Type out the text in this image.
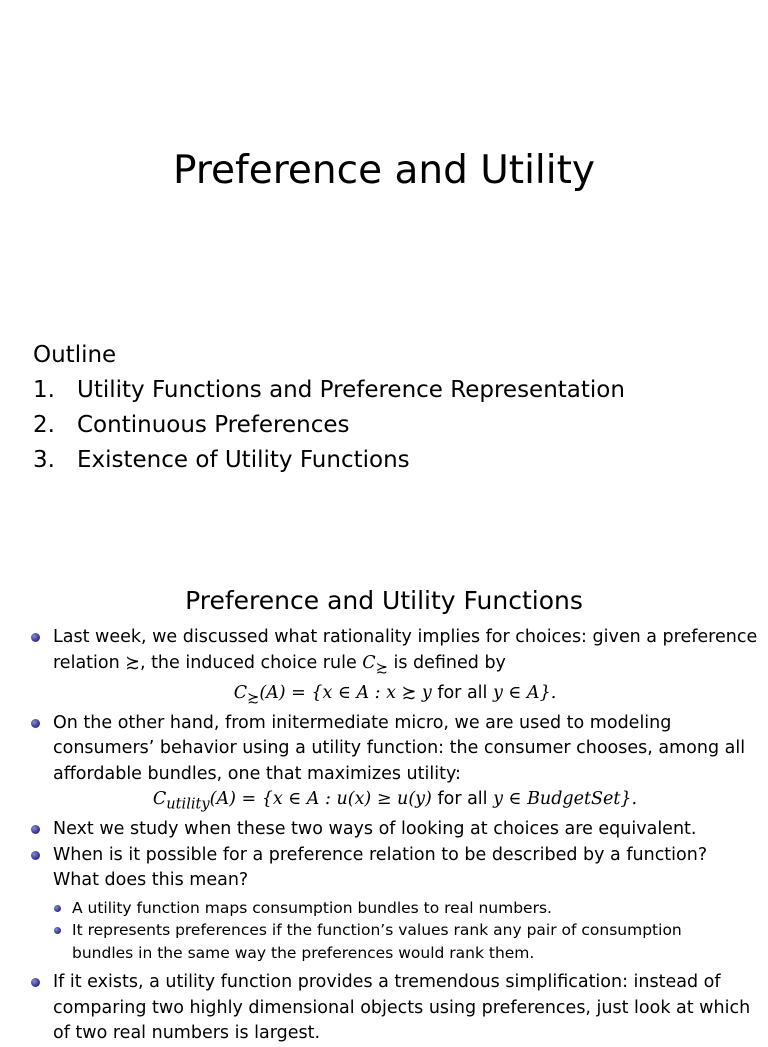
Preference and Utility
Outline
1. Utility Functions and Preference Representation
2. Continuous Preferences
3. Existence of Utility Functions
Preference and Utility Functions
Last week, we discussed what rationality implies for choices: given a preference
relation ≿, the induced choice rule $C_≿$ is defined by
$C_≿(A) = \{x$ ∈ A : x ≿ y for all y ∈ A}.
On the other hand, from initermediate micro, we are used to modeling
consumers’ behavior using a utility function: the consumer chooses, among all
affordable bundles, one that maximizes utility:
$C_{utility}(A) = \{x$ ∈ A : u(x) ≥ u(y) for all y ∈ BudgetSet}.
Next we study when these two ways of looking at choices are equivalent.
When is it possible for a preference relation to be described by a function?
What does this mean?
A utility function maps consumption bundles to real numbers.
It represents preferences if the function’s values rank any pair of consumption
bundles in the same way the preferences would rank them.
If it exists, a utility function provides a tremendous simplification: instead of
comparing two highly dimensional objects using preferences, just look at which
of two real numbers is largest.
